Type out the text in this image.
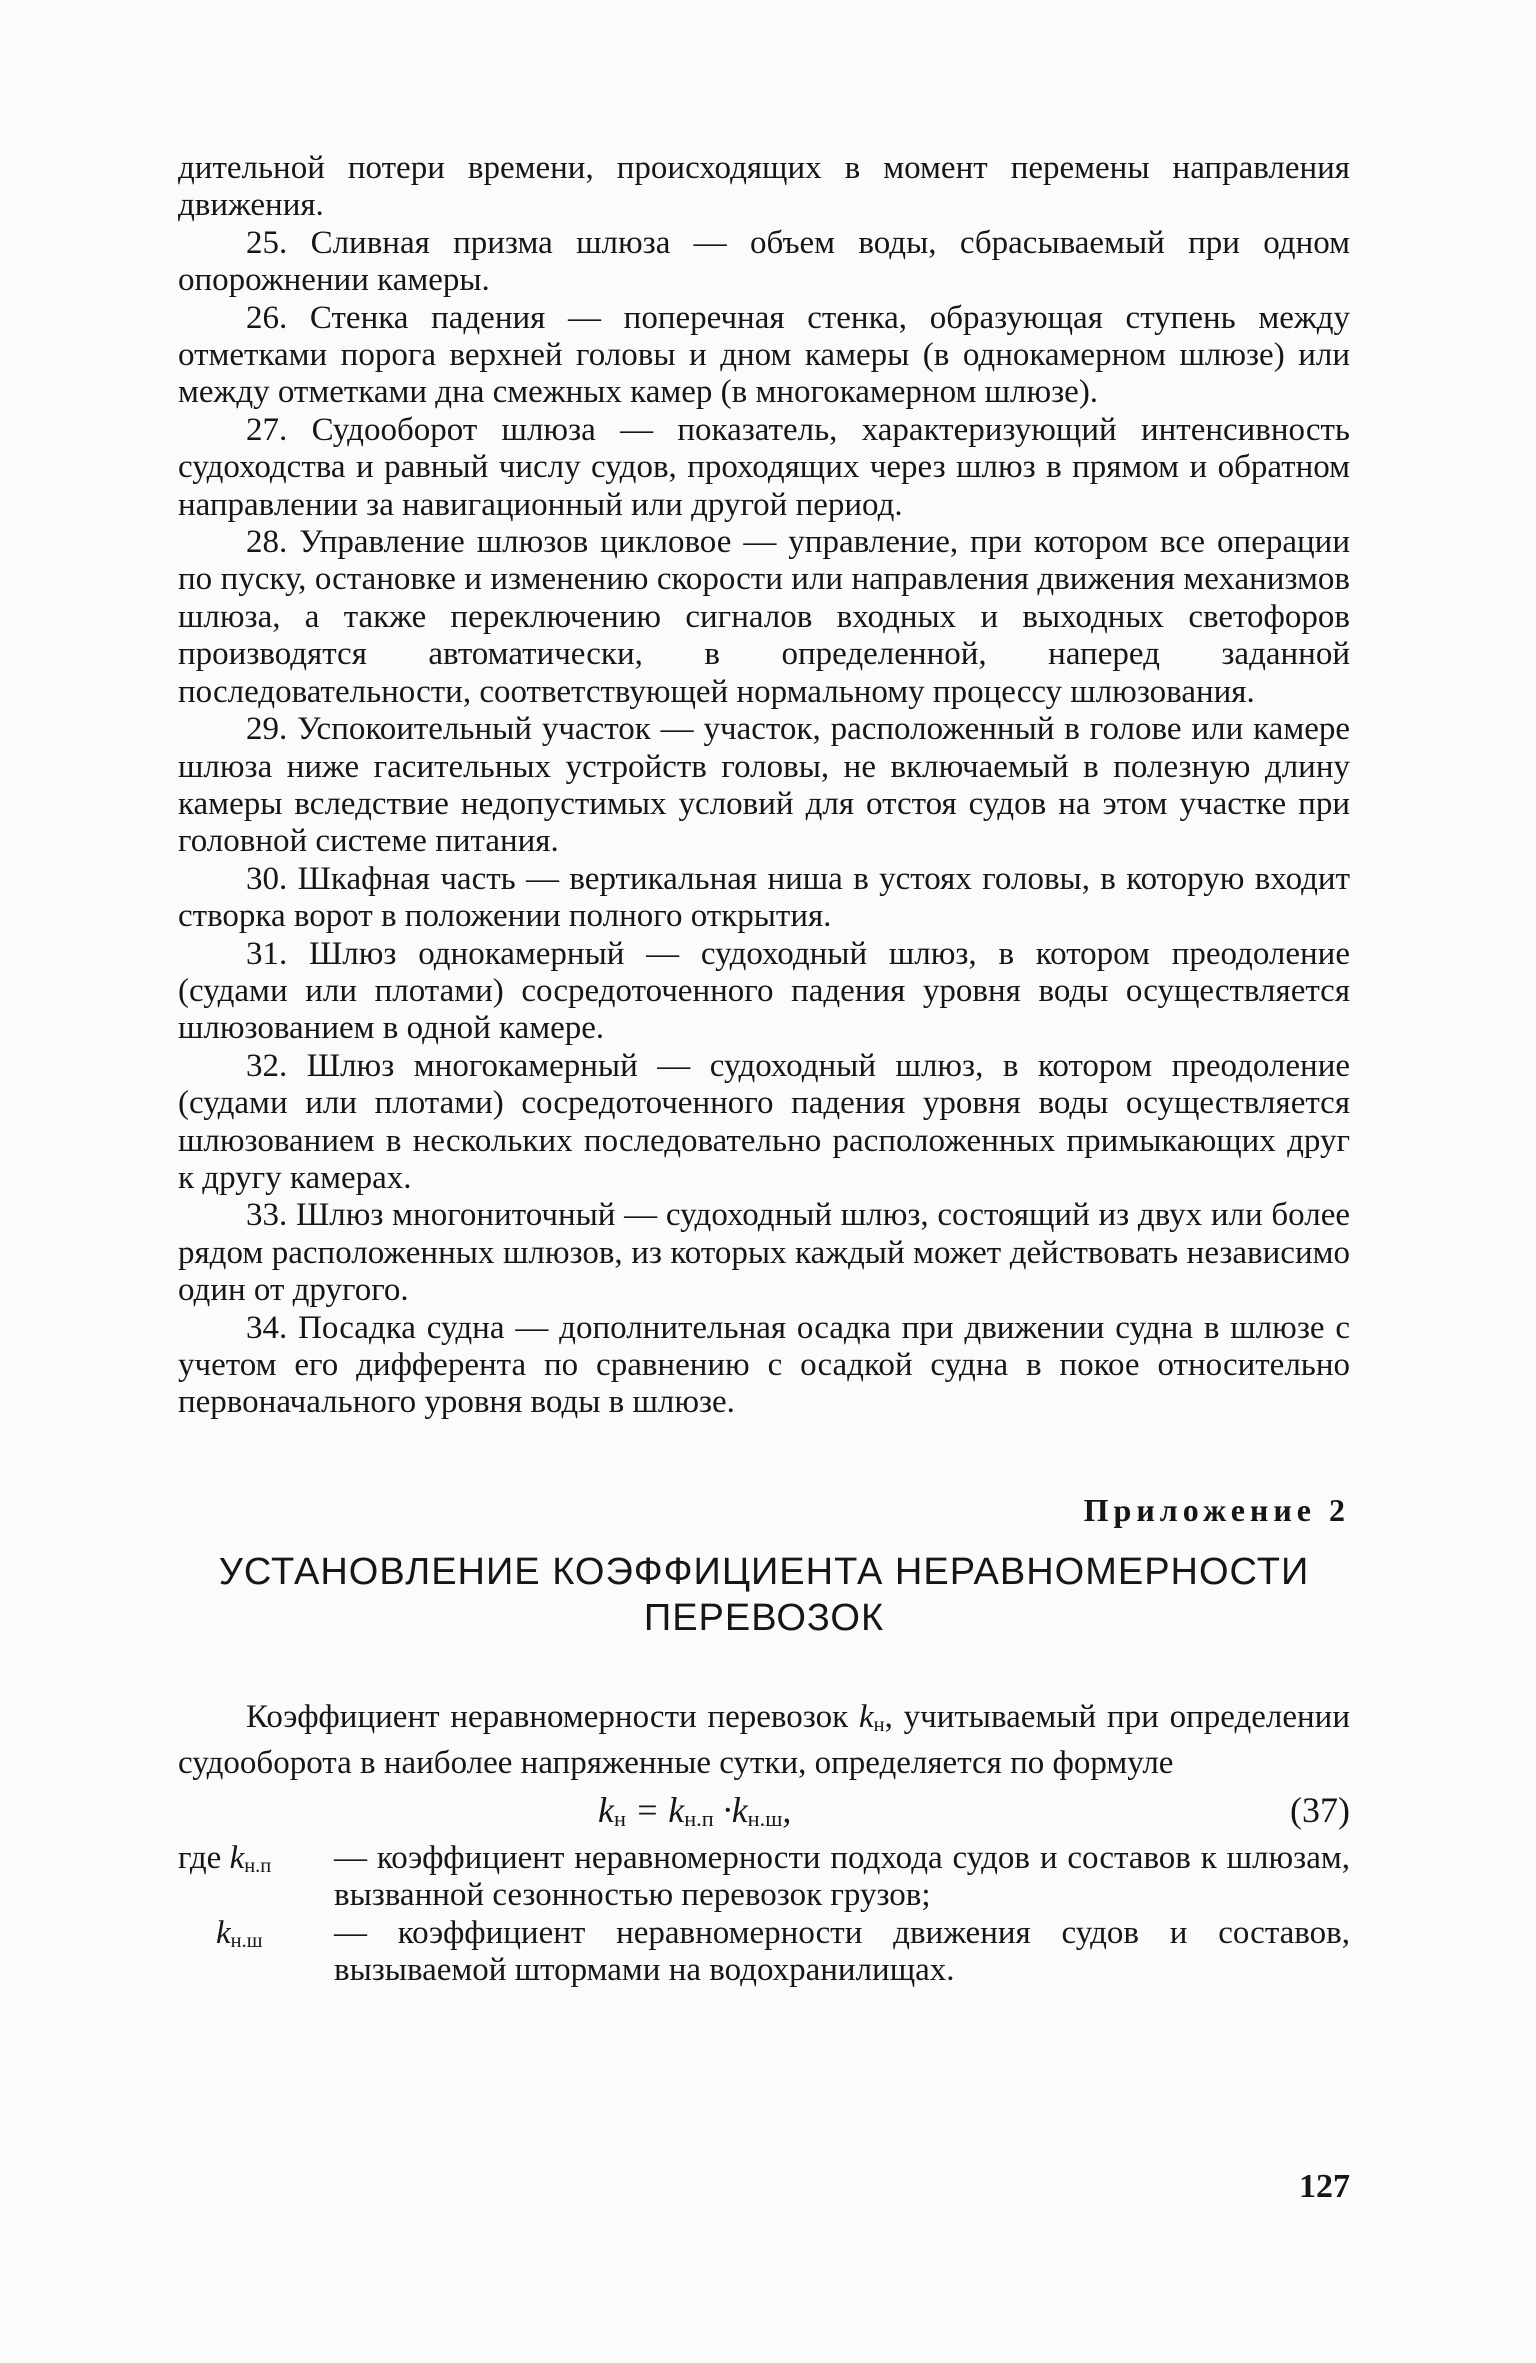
дительной потери времени, происходящих в момент перемены направления движения.

25. Сливная призма шлюза — объем воды, сбрасываемый при одном опорожнении камеры.

26. Стенка падения — поперечная стенка, образующая ступень между отметками порога верхней головы и дном камеры (в однокамерном шлюзе) или между отметками дна смежных камер (в многокамерном шлюзе).

27. Судооборот шлюза — показатель, характеризующий интенсивность судоходства и равный числу судов, проходящих через шлюз в прямом и обратном направлении за навигационный или другой период.

28. Управление шлюзов цикловое — управление, при котором все операции по пуску, остановке и изменению скорости или направления движения механизмов шлюза, а также переключению сигналов входных и выходных светофоров производятся автоматически, в определенной, наперед заданной последовательности, соответствующей нормальному процессу шлюзования.

29. Успокоительный участок — участок, расположенный в голове или камере шлюза ниже гасительных устройств головы, не включаемый в полезную длину камеры вследствие недопустимых условий для отстоя судов на этом участке при головной системе питания.

30. Шкафная часть — вертикальная ниша в устоях головы, в которую входит створка ворот в положении полного открытия.

31. Шлюз однокамерный — судоходный шлюз, в котором преодоление (судами или плотами) сосредоточенного падения уровня воды осуществляется шлюзованием в одной камере.

32. Шлюз многокамерный — судоходный шлюз, в котором преодоление (судами или плотами) сосредоточенного падения уровня воды осуществляется шлюзованием в нескольких последовательно расположенных примыкающих друг к другу камерах.

33. Шлюз многониточный — судоходный шлюз, состоящий из двух или более рядом расположенных шлюзов, из которых каждый может действовать независимо один от другого.

34. Посадка судна — дополнительная осадка при движении судна в шлюзе с учетом его дифферента по сравнению с осадкой судна в покое относительно первоначального уровня воды в шлюзе.

Приложение 2

УСТАНОВЛЕНИЕ КОЭФФИЦИЕНТА НЕРАВНОМЕРНОСТИ
ПЕРЕВОЗОК

Коэффициент неравномерности перевозок $k_н$, учитываемый при определении судооборота в наиболее напряженные сутки, определяется по формуле

$k_н = k_{н.п} \cdot k_{н.ш}$,	(37)
где $k_{н.п}$	— коэффициент неравномерности подхода судов и составов к шлюзам, вызванной сезонностью перевозок грузов;
$k_{н.ш}$	— коэффициент неравномерности движения судов и составов, вызываемой штормами на водохранилищах.
127
